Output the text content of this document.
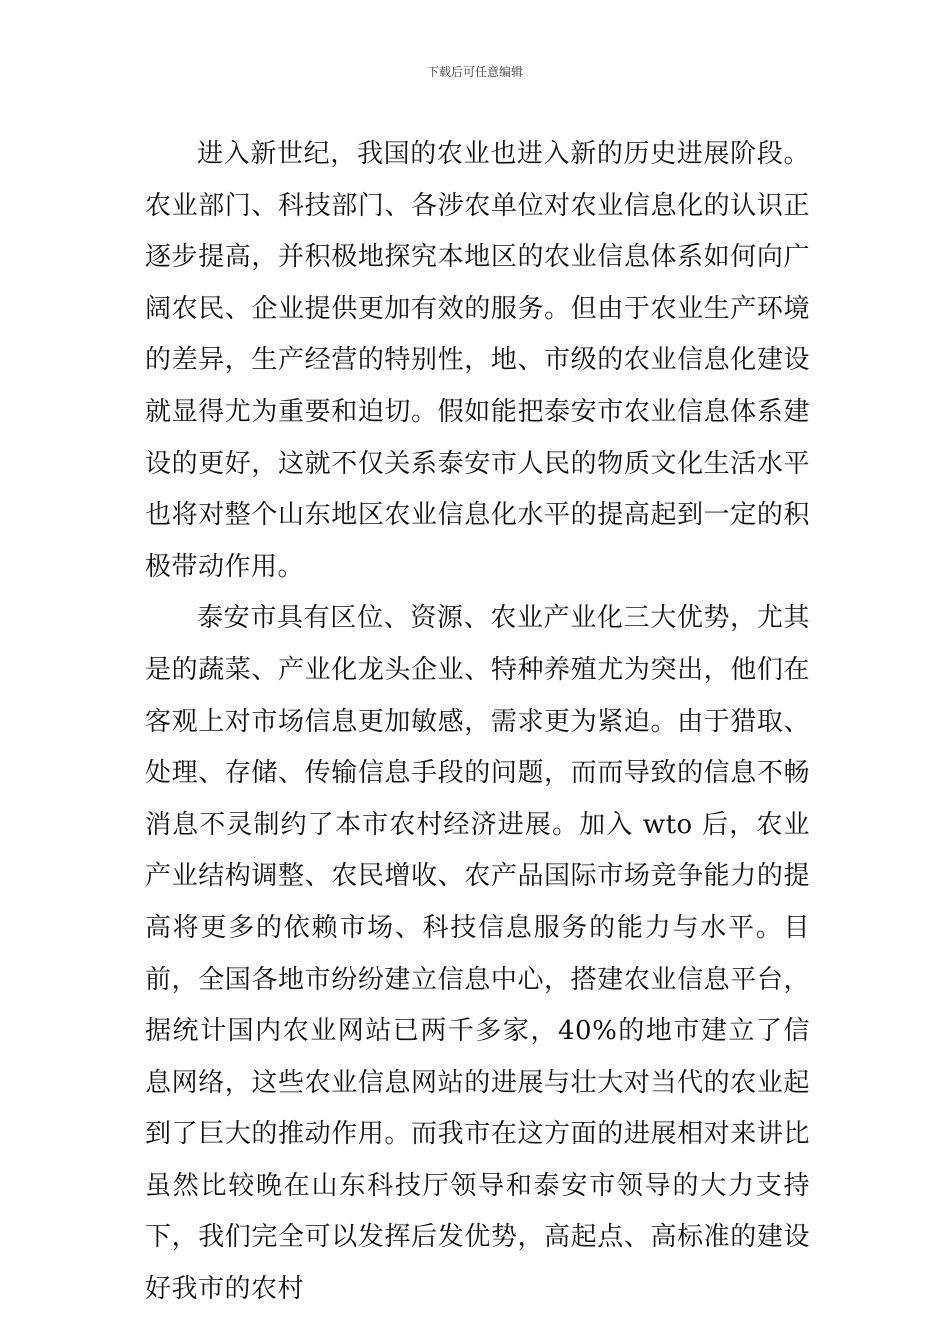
下载后可任意编辑

进入新世纪，我国的农业也进入新的历史进展阶段。农业部门、科技部门、各涉农单位对农业信息化的认识正逐步提高，并积极地探究本地区的农业信息体系如何向广阔农民、企业提供更加有效的服务。但由于农业生产环境的差异，生产经营的特别性，地、市级的农业信息化建设就显得尤为重要和迫切。假如能把泰安市农业信息体系建设的更好，这就不仅关系泰安市人民的物质文化生活水平也将对整个山东地区农业信息化水平的提高起到一定的积极带动作用。

泰安市具有区位、资源、农业产业化三大优势，尤其是的蔬菜、产业化龙头企业、特种养殖尤为突出，他们在客观上对市场信息更加敏感，需求更为紧迫。由于猎取、处理、存储、传输信息手段的问题，而而导致的信息不畅消息不灵制约了本市农村经济进展。加入 wto 后，农业产业结构调整、农民增收、农产品国际市场竞争能力的提高将更多的依赖市场、科技信息服务的能力与水平。目前，全国各地市纷纷建立信息中心，搭建农业信息平台，据统计国内农业网站已两千多家，40%的地市建立了信息网络，这些农业信息网站的进展与壮大对当代的农业起到了巨大的推动作用。而我市在这方面的进展相对来讲比虽然比较晚在山东科技厅领导和泰安市领导的大力支持下，我们完全可以发挥后发优势，高起点、高标准的建设好我市的农村
